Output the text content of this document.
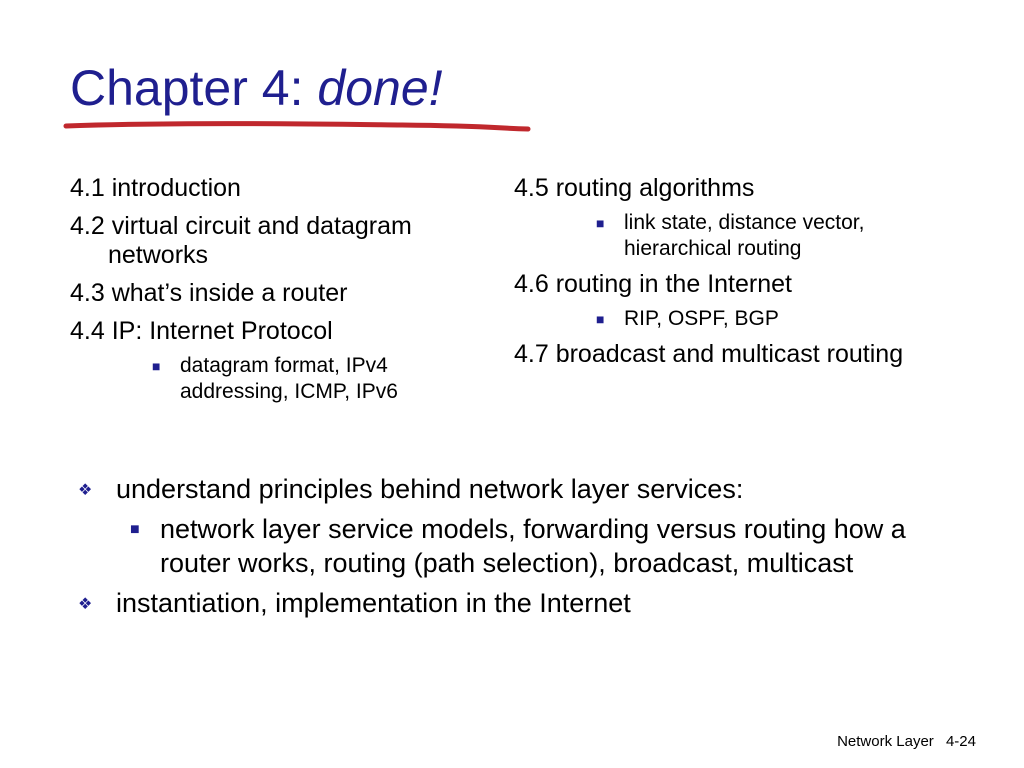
Chapter 4: done!
4.1 introduction
4.2 virtual circuit and datagram networks
4.3 what’s inside a router
4.4 IP: Internet Protocol
■ datagram format, IPv4 addressing, ICMP, IPv6
4.5 routing algorithms
■ link state, distance vector, hierarchical routing
4.6 routing in the Internet
■ RIP, OSPF, BGP
4.7 broadcast and multicast routing
❖ understand principles behind network layer services:
■ network layer service models, forwarding versus routing how a router works, routing (path selection), broadcast, multicast
❖ instantiation, implementation in the Internet
Network Layer 4-24
